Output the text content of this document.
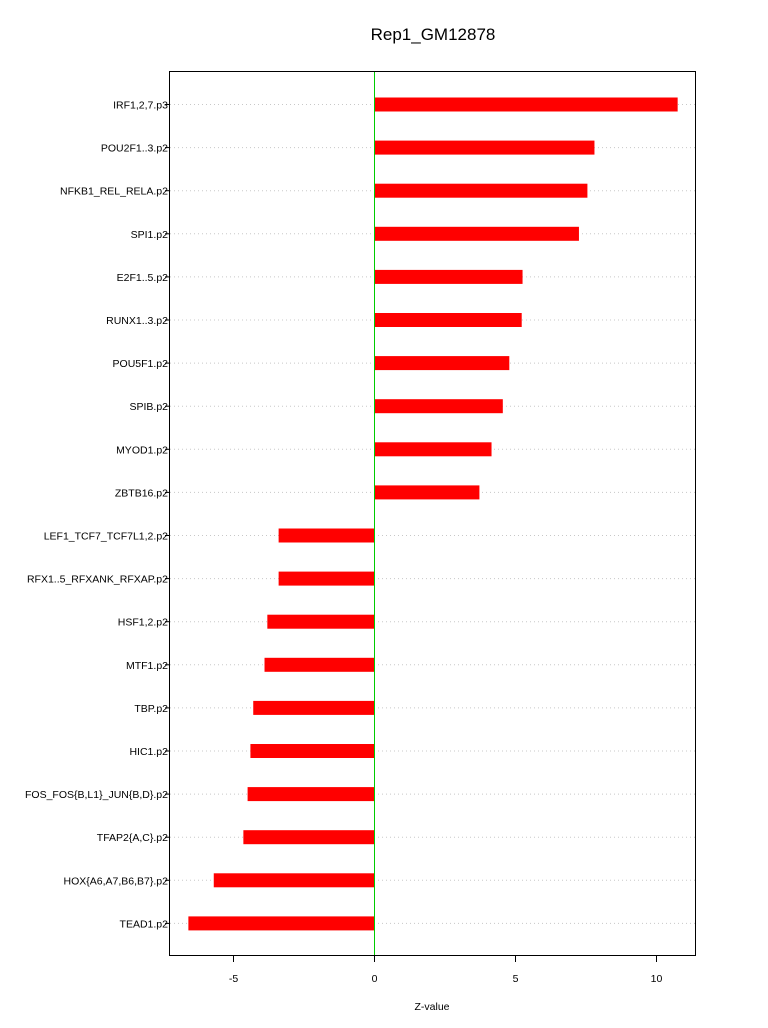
Rep1_GM12878
IRF1,2,7.p3
POU2F1..3.p2
NFKB1_REL_RELA.p2
SPI1.p2
E2F1..5.p2
RUNX1..3.p2
POU5F1.p2
SPIB.p2
MYOD1.p2
ZBTB16.p2
LEF1_TCF7_TCF7L1,2.p2
RFX1..5_RFXANK_RFXAP.p2
HSF1,2.p2
MTF1.p2
TBP.p2
HIC1.p2
FOS_FOS{B,L1}_JUN{B,D}.p2
TFAP2{A,C}.p2
HOX{A6,A7,B6,B7}.p2
TEAD1.p2
-5	0	5	10
Z-value
